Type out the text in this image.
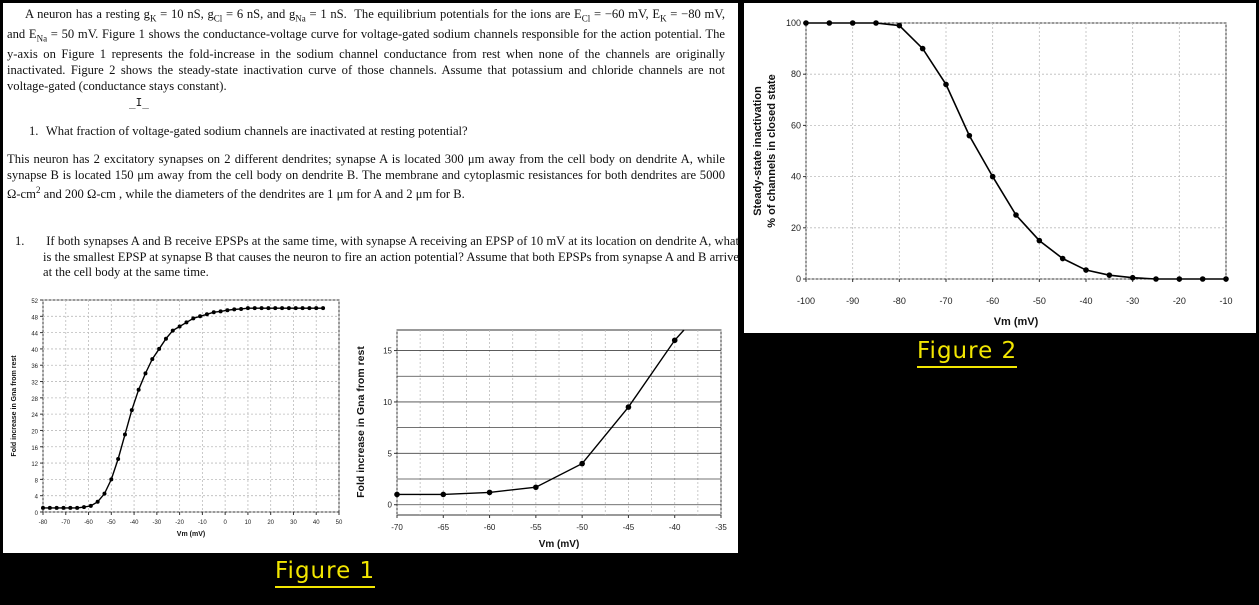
A neuron has a resting $g_K = 10$ nS, $g_{Cl} = 6$ nS, and $g_{Na} = 1$ nS.  The equilibrium potentials for the ions are $E_{Cl} = -60$ mV, $E_K = -80$ mV, and $E_{Na} = 50$ mV. Figure 1 shows the conductance-voltage curve for voltage-gated sodium channels responsible for the action potential. The y-axis on Figure 1 represents the fold-increase in the sodium channel conductance from rest when none of the channels are originally inactivated. Figure 2 shows the steady-state inactivation curve of those channels. Assume that potassium and chloride channels are not voltage-gated (conductance stays constant).

_I_

1. What fraction of voltage-gated sodium channels are inactivated at resting potential?

This neuron has 2 excitatory synapses on 2 different dendrites; synapse A is located 300 μm away from the cell body on dendrite A, while synapse B is located 150 μm away from the cell body on dendrite B. The membrane and cytoplasmic resistances for both dendrites are 5000 $\Omega-cm^2$ and 200 Ω-cm , while the diameters of the dendrites are 1 μm for A and 2 μm for B.

1. If both synapses A and B receive EPSPs at the same time, with synapse A receiving an EPSP of 10 mV at its location on dendrite A, what is the smallest EPSP at synapse B that causes the neuron to fire an action potential? Assume that both EPSPs from synapse A and B arrive at the cell body at the same time.

-80 -70 -60 -50 -40 -30 -20 -10	0	10	20	30	40	50
0
4
8
12
16
20
24
28
32
36
40
44
48
52
Vm (mV)
Fold increase in Gna from rest
-70	-65	-60	-55	-50	-45	-40	-35
0
5
10
15
Vm (mV)
Fold increase in Gna from rest
-100	-90	-80	-70	-60	-50	-40	-30	-20	-10
0
20
40
60
80
100
Vm (mV)
Steady-state inactivation % of channels in closed state
Figure 1
Figure 2
